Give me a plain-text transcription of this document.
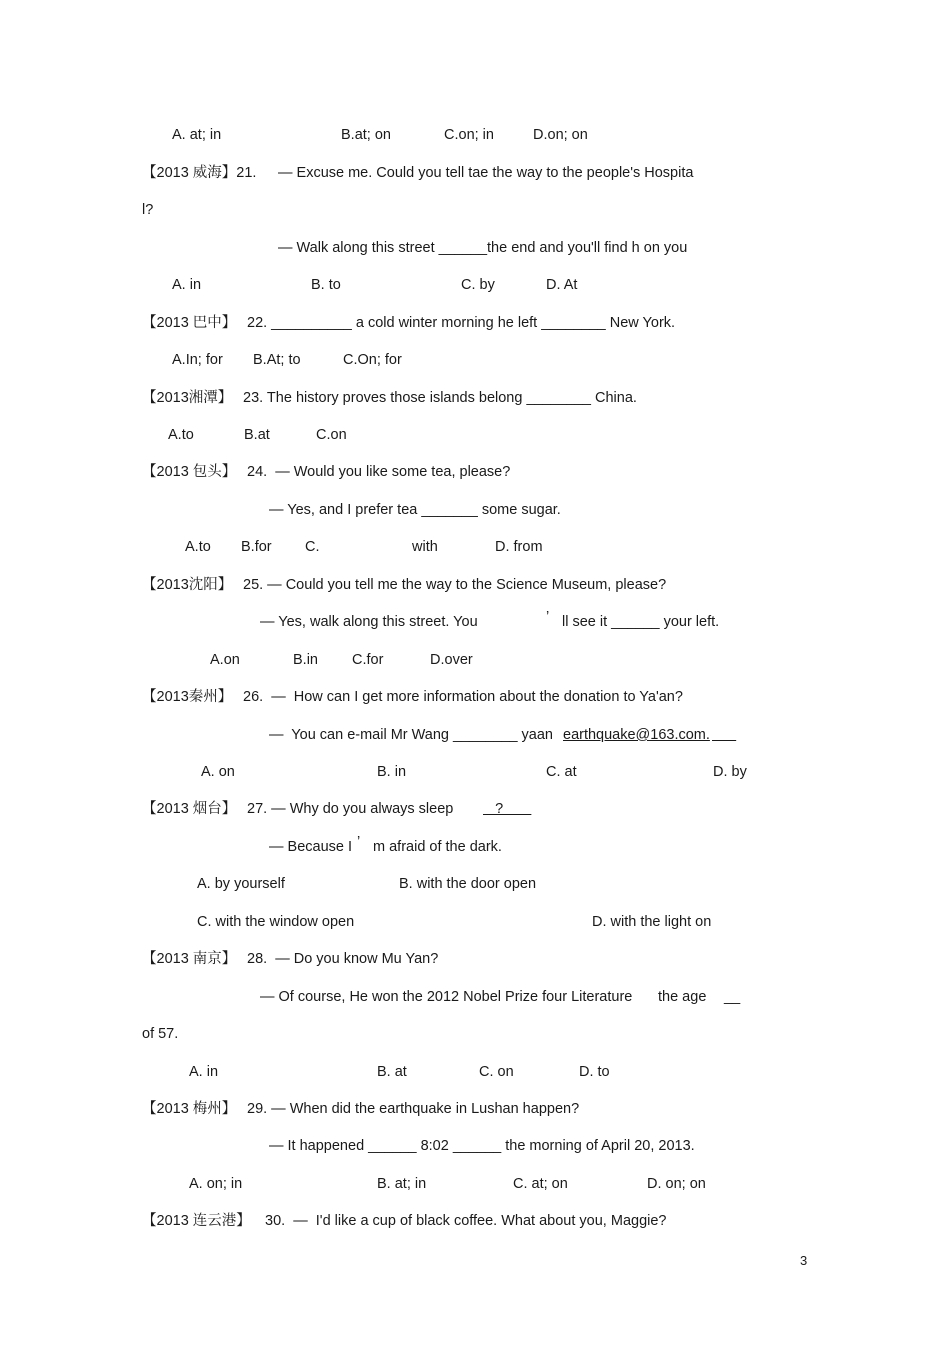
A. at; in	B.at; on	C.on; in	D.on; on
【2013 威海】21. — Excuse me. Could you tell tae the way to the people's Hospita
l?
— Walk along this street ______the end and you'll find h on you
A. in	B. to	C. by	D. At
【2013 巴中】 22. __________ a cold winter morning he left ________ New York.
A.In; for B.At; to	C.On; for
【2013湘潭】 23. The history proves those islands belong ________ China.
A.to	B.at	C.on
【2013 包头】 24.  — Would you like some tea, please?
— Yes, and I prefer tea _______ some sugar.
A.to B.for C.	with	D. from
【2013沈阳】 25. — Could you tell me the way to the Science Museum, please?
— Yes, walk along this street. You	’ ll see it ______ your left.
A.on	B.in C.for	D.over
【2013秦州】 26.  —  How can I get more information about the donation to Ya'an?
—  You can e-mail Mr Wang ________ yaan earthquake@163.com.

A. on	B. in	C. at	D. by
【2013 烟台】 27. — Why do you always sleep ?
— Because I ’ m afraid of the dark.
A. by yourself	B. with the door open
C. with the window open	D. with the light on
【2013 南京】 28.  — Do you know Mu Yan?
— Of course, He won the 2012 Nobel Prize four Literature the age __
of 57.
A. in	B. at	C. on	D. to
【2013 梅州】 29. — When did the earthquake in Lushan happen?
— It happened ______ 8:02 ______ the morning of April 20, 2013.
A. on; in	B. at; in	C. at; on	D. on; on
【2013 连云港】 30.  —  I'd like a cup of black coffee. What about you, Maggie?
3
